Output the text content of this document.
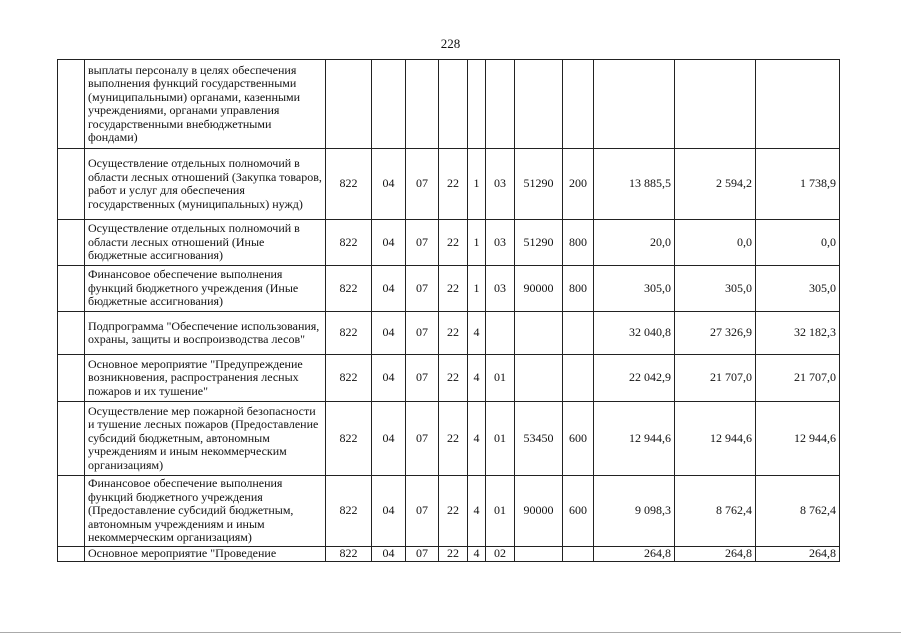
228
	выплаты персоналу в целях обеспечения выполнения функций государственными (муниципальными) органами, казенными учреждениями, органами управления государственными внебюджетными фондами)											
	Осуществление отдельных полномочий в области лесных отношений (Закупка товаров, работ и услуг для обеспечения государственных (муниципальных) нужд)	822	04	07	22	1	03	51290	200	13 885,5	2 594,2	1 738,9
	Осуществление отдельных полномочий в области лесных отношений (Иные бюджетные ассигнования)	822	04	07	22	1	03	51290	800	20,0	0,0	0,0
	Финансовое обеспечение выполнения функций бюджетного учреждения (Иные бюджетные ассигнования)	822	04	07	22	1	03	90000	800	305,0	305,0	305,0
	Подпрограмма "Обеспечение использования, охраны, защиты и воспроизводства лесов"	822	04	07	22	4				32 040,8	27 326,9	32 182,3
	Основное мероприятие "Предупреждение возникновения, распространения лесных пожаров и их тушение"	822	04	07	22	4	01			22 042,9	21 707,0	21 707,0
	Осуществление мер пожарной безопасности и тушение лесных пожаров (Предоставление субсидий бюджетным, автономным учреждениям и иным некоммерческим организациям)	822	04	07	22	4	01	53450	600	12 944,6	12 944,6	12 944,6
	Финансовое обеспечение выполнения функций бюджетного учреждения (Предоставление субсидий бюджетным, автономным учреждениям и иным некоммерческим организациям)	822	04	07	22	4	01	90000	600	9 098,3	8 762,4	8 762,4
	Основное мероприятие "Проведение	822	04	07	22	4	02			264,8	264,8	264,8
